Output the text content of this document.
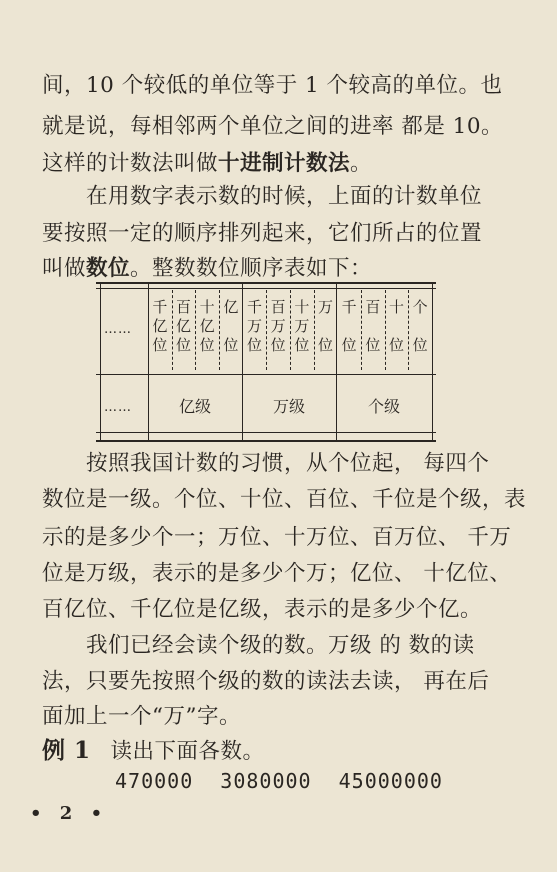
间，10 个较低的单位等于 1 个较高的单位。也
就是说，每相邻两个单位之间的进率 都是 10。
这样的计数法叫做十进制计数法。
在用数字表示数的时候，上面的计数单位
要按照一定的顺序排列起来，它们所占的位置
叫做数位。整数数位顺序表如下：
……
……
千
亿
位
百
亿
位
十
亿
位
亿

位
千
万
位
百
万
位
十
万
位
万

位
千

位
百

位
十

位
个

位
亿级	万级	个级
按照我国计数的习惯，从个位起， 每四个
数位是一级。个位、十位、百位、千位是个级，表
示的是多少个一；万位、十万位、百万位、 千万
位是万级，表示的是多少个万；亿位、 十亿位、
百亿位、千亿位是亿级，表示的是多少个亿。
我们已经会读个级的数。万级 的 数的读
法，只要先按照个级的数的读法去读， 再在后
面加上一个“万”字。
例 1 读出下面各数。
470000 3080000 45000000
• 2 •
